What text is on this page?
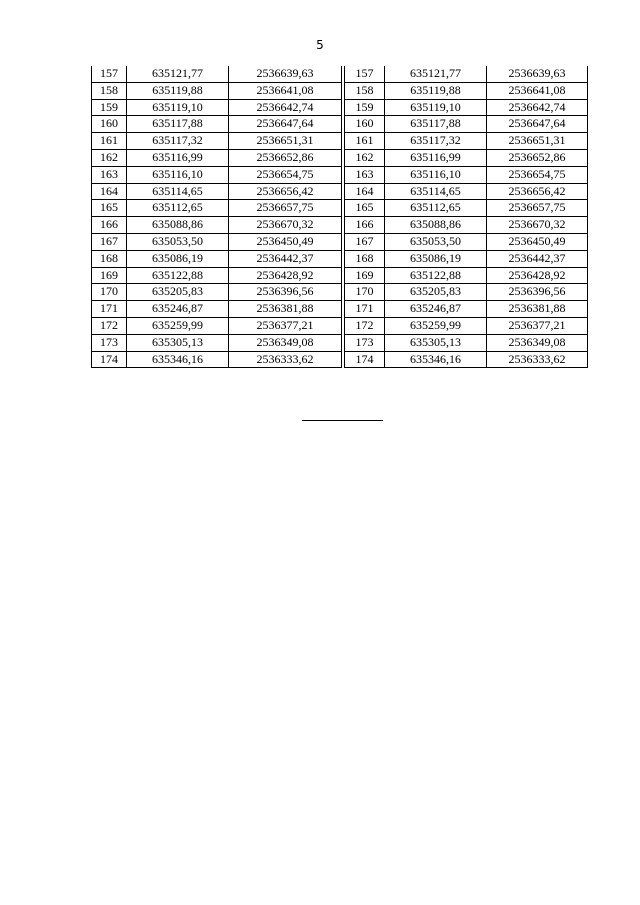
5
157	635121,77	2536639,63
158	635119,88	2536641,08
159	635119,10	2536642,74
160	635117,88	2536647,64
161	635117,32	2536651,31
162	635116,99	2536652,86
163	635116,10	2536654,75
164	635114,65	2536656,42
165	635112,65	2536657,75
166	635088,86	2536670,32
167	635053,50	2536450,49
168	635086,19	2536442,37
169	635122,88	2536428,92
170	635205,83	2536396,56
171	635246,87	2536381,88
172	635259,99	2536377,21
173	635305,13	2536349,08
174	635346,16	2536333,62
157	635121,77	2536639,63
158	635119,88	2536641,08
159	635119,10	2536642,74
160	635117,88	2536647,64
161	635117,32	2536651,31
162	635116,99	2536652,86
163	635116,10	2536654,75
164	635114,65	2536656,42
165	635112,65	2536657,75
166	635088,86	2536670,32
167	635053,50	2536450,49
168	635086,19	2536442,37
169	635122,88	2536428,92
170	635205,83	2536396,56
171	635246,87	2536381,88
172	635259,99	2536377,21
173	635305,13	2536349,08
174	635346,16	2536333,62
